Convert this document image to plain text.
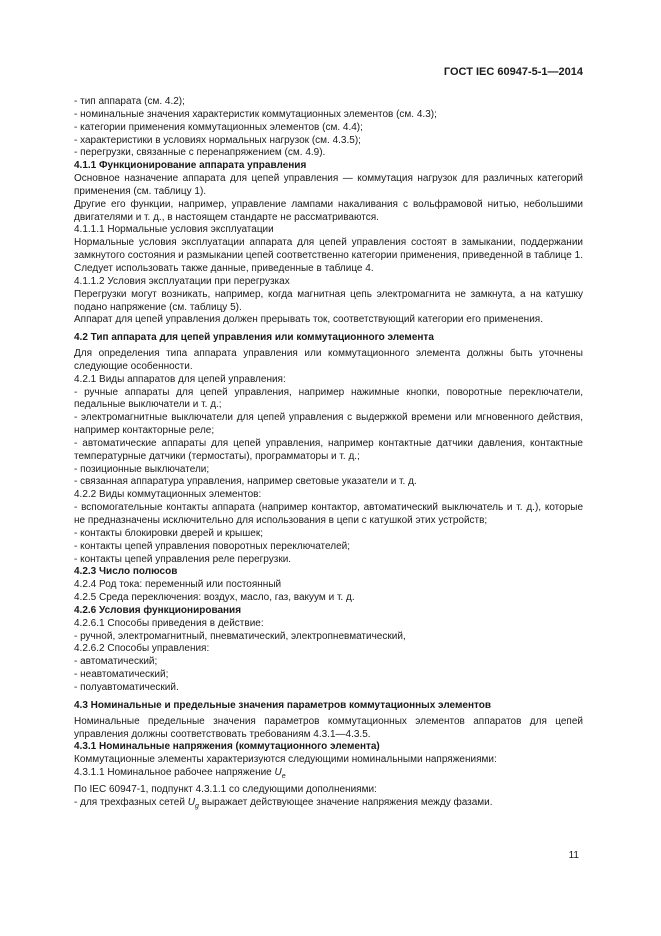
ГОСТ IEC 60947-5-1—2014

- тип аппарата (см. 4.2);

- номинальные значения характеристик коммутационных элементов (см. 4.3);

- категории применения коммутационных элементов (см. 4.4);

- характеристики в условиях нормальных нагрузок (см. 4.3.5);

- перегрузки, связанные с перенапряжением (см. 4.9).

4.1.1 Функционирование аппарата управления

Основное назначение аппарата для цепей управления — коммутация нагрузок для различных категорий применения (см. таблицу 1).

Другие его функции, например, управление лампами накаливания с вольфрамовой нитью, небольшими двигателями и т. д., в настоящем стандарте не рассматриваются.

4.1.1.1 Нормальные условия эксплуатации

Нормальные условия эксплуатации аппарата для цепей управления состоят в замыкании, поддержании замкнутого состояния и размыкании цепей соответственно категории применения, приведенной в таблице 1. Следует использовать также данные, приведенные в таблице 4.

4.1.1.2 Условия эксплуатации при перегрузках

Перегрузки могут возникать, например, когда магнитная цепь электромагнита не замкнута, а на катушку подано напряжение (см. таблицу 5).

Аппарат для цепей управления должен прерывать ток, соответствующий категории его применения.

4.2 Тип аппарата для цепей управления или коммутационного элемента

Для определения типа аппарата управления или коммутационного элемента должны быть уточнены следующие особенности.

4.2.1 Виды аппаратов для цепей управления:

- ручные аппараты для цепей управления, например нажимные кнопки, поворотные переключатели, педальные выключатели и т. д.;

- электромагнитные выключатели для цепей управления с выдержкой времени или мгновенного действия, например контакторные реле;

- автоматические аппараты для цепей управления, например контактные датчики давления, контактные температурные датчики (термостаты), программаторы и т. д.;

- позиционные выключатели;

- связанная аппаратура управления, например световые указатели и т. д.

4.2.2 Виды коммутационных элементов:

- вспомогательные контакты аппарата (например контактор, автоматический выключатель и т. д.), которые не предназначены исключительно для использования в цепи с катушкой этих устройств;

- контакты блокировки дверей и крышек;

- контакты цепей управления поворотных переключателей;

- контакты цепей управления реле перегрузки.

4.2.3 Число полюсов

4.2.4 Род тока: переменный или постоянный

4.2.5 Среда переключения: воздух, масло, газ, вакуум и т. д.

4.2.6 Условия функционирования

4.2.6.1 Способы приведения в действие:

- ручной, электромагнитный, пневматический, электропневматический,

4.2.6.2 Способы управления:

- автоматический;

- неавтоматический;

- полуавтоматический.

4.3 Номинальные и предельные значения параметров коммутационных элементов

Номинальные предельные значения параметров коммутационных элементов аппаратов для цепей управления должны соответствовать требованиям 4.3.1—4.3.5.

4.3.1 Номинальные напряжения (коммутационного элемента)

Коммутационные элементы характеризуются следующими номинальными напряжениями:

4.3.1.1 Номинальное рабочее напряжение $U_e$

По IEC 60947-1, подпункт 4.3.1.1 со следующими дополнениями:

- для трехфазных сетей $U_g$ выражает действующее значение напряжения между фазами.

11
